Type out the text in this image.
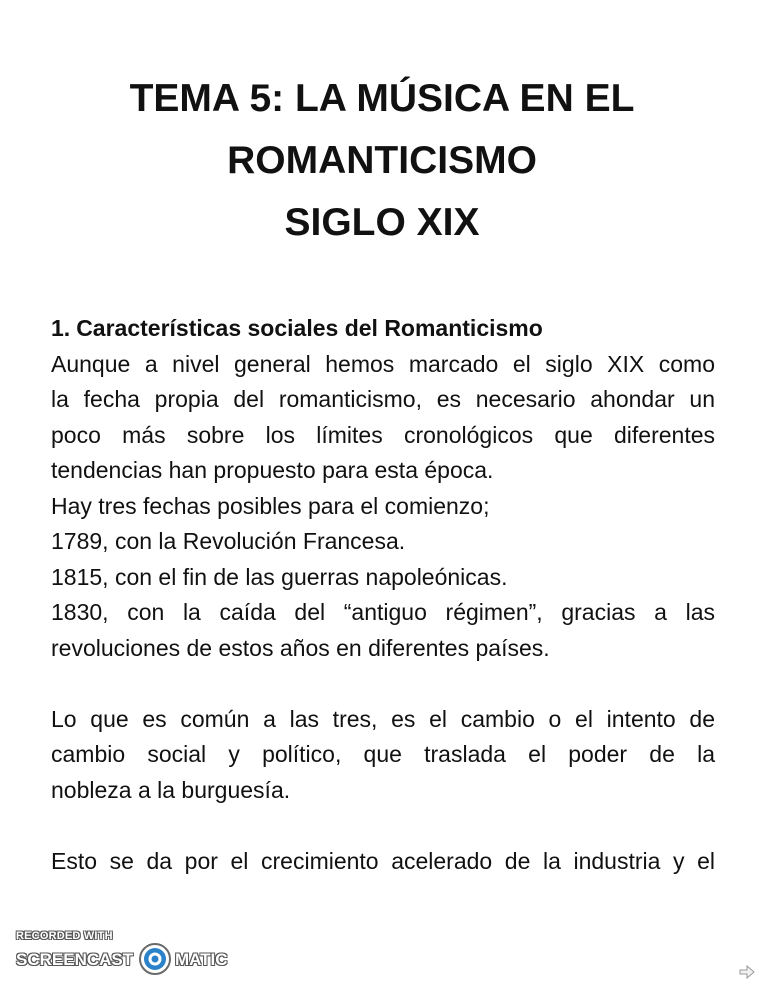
TEMA 5: LA MÚSICA EN EL
ROMANTICISMO
SIGLO XIX
1. Características sociales del Romanticismo
Aunque a nivel general hemos marcado el siglo XIX como
la fecha propia del romanticismo, es necesario ahondar un
poco más sobre los límites cronológicos que diferentes
tendencias han propuesto para esta época.
Hay tres fechas posibles para el comienzo;
1789, con la Revolución Francesa.
1815, con el fin de las guerras napoleónicas.
1830, con la caída del “antiguo régimen”, gracias a las
revoluciones de estos años en diferentes países.
Lo que es común a las tres, es el cambio o el intento de
cambio social y político, que traslada el poder de la
nobleza a la burguesía.
Esto se da por el crecimiento acelerado de la industria y el
RECORDED WITH
SCREENCAST MATIC
